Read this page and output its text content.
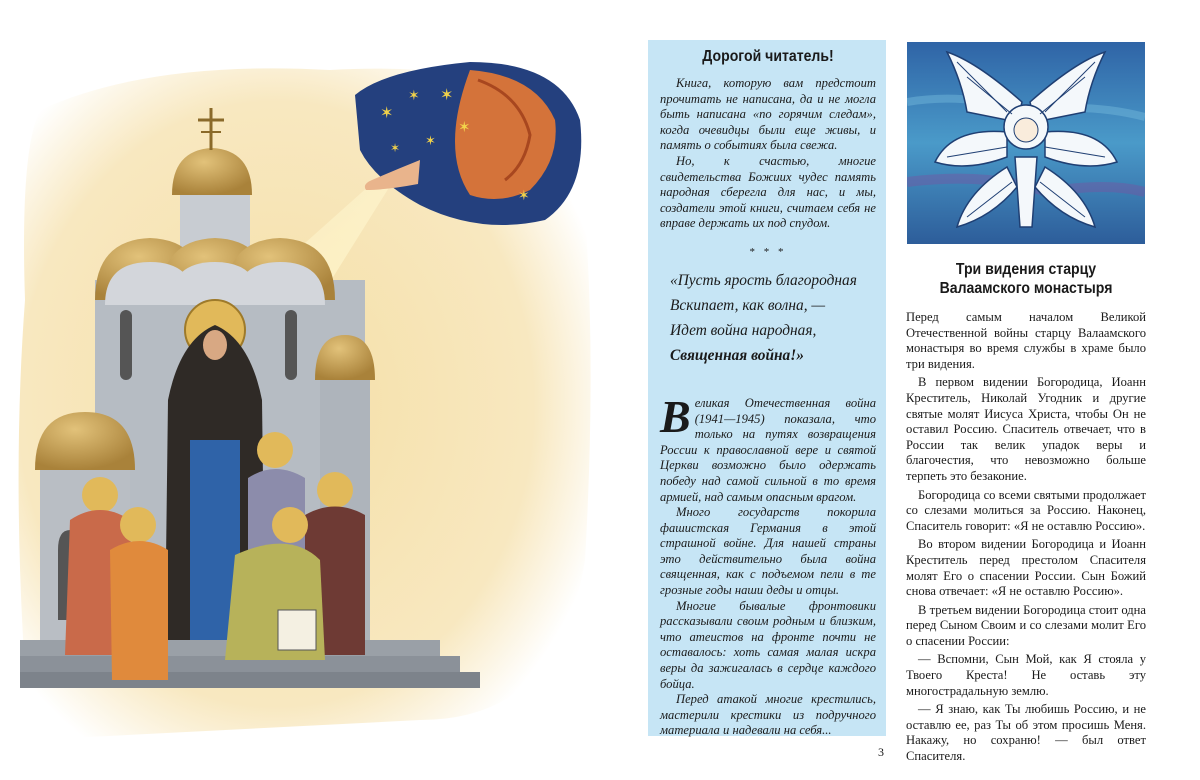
✶
✶ ✶
✶
✶
✶
✶
Дорогой читатель!

Книга, которую вам предстоит прочитать не написана, да и не могла быть написана «по горячим следам», когда очевидцы были еще живы, и память о событиях была свежа.

Но, к счастью, многие свидетельства Божиих чудес память народная сберегла для нас, и мы, создатели этой книги, считаем себя не вправе держать их под спудом.

* * *
«Пусть ярость благородная
Вскипает, как волна, —
Идет война народная,
Священная война!»

Великая Отечественная война (1941—1945) показала, что только на путях возвращения России к православной вере и святой Церкви возможно было одержать победу над самой сильной в то время армией, над самым опасным врагом.

Много государств покорила фашистская Германия в этой страшной войне. Для нашей страны это действительно была война священная, как с подъемом пели в те грозные годы наши деды и отцы.

Многие бывалые фронтовики рассказывали своим родным и близким, что атеистов на фронте почти не оставалось: хоть самая малая искра веры да зажигалась в сердце каждого бойца.

Перед атакой многие крестились, мастерили крестики из подручного материала и надевали на себя...

Три видения старцу
Валаамского монастыря

Перед самым началом Великой Отечественной войны старцу Валаамского монастыря во время службы в храме было три видения.

В первом видении Богородица, Иоанн Креститель, Николай Угодник и другие святые молят Иисуса Христа, чтобы Он не оставил Россию. Спаситель отвечает, что в России так велик упадок веры и благочестия, что невозможно больше терпеть это безаконие.

Богородица со всеми святыми продолжает со слезами молиться за Россию. Наконец, Спаситель говорит: «Я не оставлю Россию».

Во втором видении Богородица и Иоанн Креститель перед престолом Спасителя молят Его о спасении России. Сын Божий снова отвечает: «Я не оставлю Россию».

В третьем видении Богородица стоит одна перед Сыном Своим и со слезами молит Его о спасении России:

— Вспомни, Сын Мой, как Я стояла у Твоего Креста! Не оставь эту многострадальную землю.

— Я знаю, как Ты любишь Россию, и не оставлю ее, раз Ты об этом просишь Меня. Накажу, но сохраню! — был ответ Спасителя.

3
